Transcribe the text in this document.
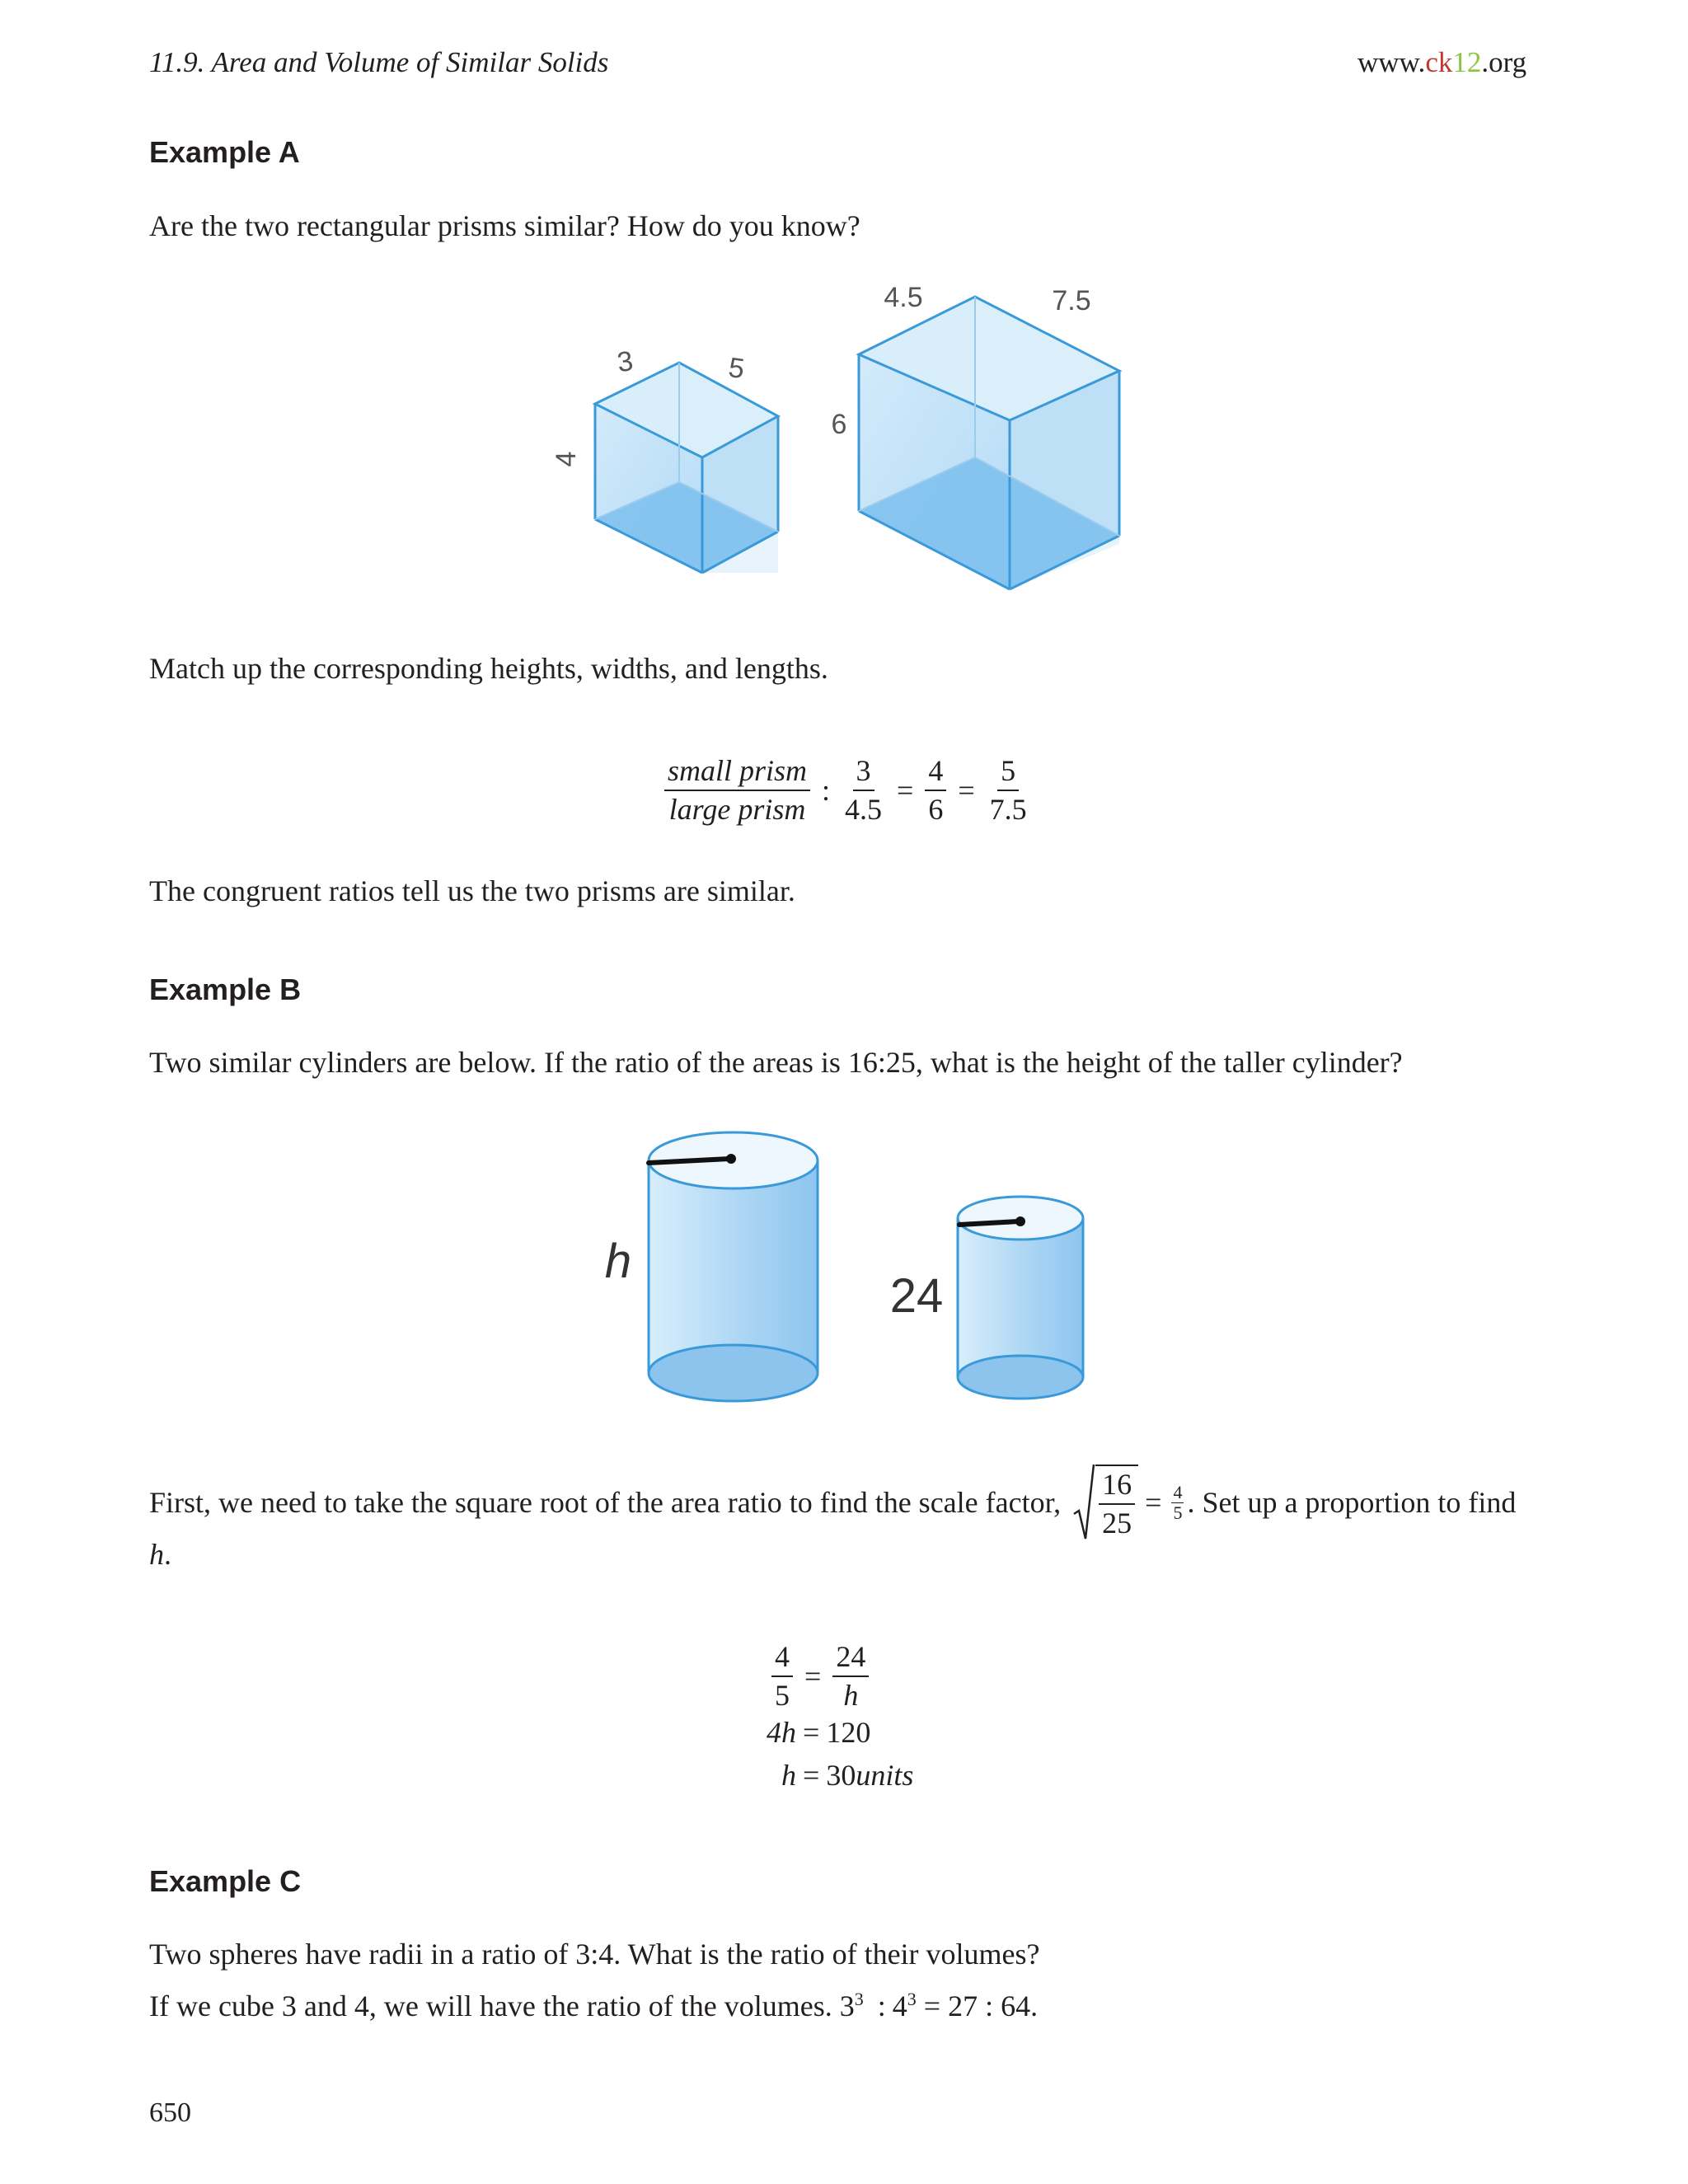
11.9. Area and Volume of Similar Solids	www.ck12.org
Example A
Are the two rectangular prisms similar? How do you know?
3	5
4
4.5	7.5
6
Match up the corresponding heights, widths, and lengths.
$\frac{\text{small prism}}{\text{large prism}}$ : $\frac{3}{4.5} = \frac{4}{6} = \frac{5}{7.5}$
The congruent ratios tell us the two prisms are similar.
Example B
Two similar cylinders are below. If the ratio of the areas is 16:25, what is the height of the taller cylinder?
h
24
First, we need to take the square root of the area ratio to find the scale factor, $\frac{16}{25} = \frac{4}{5}$ . Set up a proportion to find
h.
$\frac{4}{5} = \frac{24}{h}$
4h = 120
h = 30units
Example C
Two spheres have radii in a ratio of 3:4. What is the ratio of their volumes?
If we cube 3 and 4, we will have the ratio of the volumes. $3^3$ : $4^3 = 27$ : 64.
650
